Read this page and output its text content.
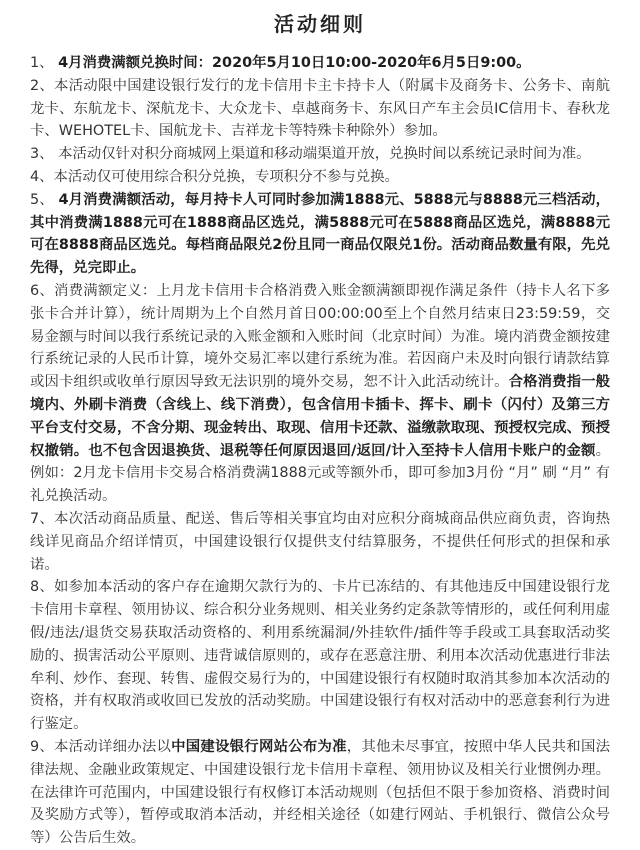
活动细则

1、 4月消费满额兑换时间：2020年5月10日10:00-2020年6月5日9:00。

2、本活动限中国建设银行发行的龙卡信用卡主卡持卡人（附属卡及商务卡、公务卡、南航龙卡、东航龙卡、深航龙卡、大众龙卡、卓越商务卡、东风日产车主会员IC信用卡、春秋龙卡、WEHOTEL卡、国航龙卡、吉祥龙卡等特殊卡种除外）参加。

3、 本活动仅针对积分商城网上渠道和移动端渠道开放，兑换时间以系统记录时间为准。

4、本活动仅可使用综合积分兑换，专项积分不参与兑换。

5、 4月消费满额活动，每月持卡人可同时参加满1888元、5888元与8888元三档活动，其中消费满1888元可在1888商品区选兑，满5888元可在5888商品区选兑，满8888元可在8888商品区选兑。每档商品限兑2份且同一商品仅限兑1份。活动商品数量有限，先兑先得，兑完即止。

6、消费满额定义：上月龙卡信用卡合格消费入账金额满额即视作满足条件（持卡人名下多张卡合并计算），统计周期为上个自然月首日00:00:00至上个自然月结束日23:59:59，交易金额与时间以我行系统记录的入账金额和入账时间（北京时间）为准。境内消费金额按建行系统记录的人民币计算，境外交易汇率以建行系统为准。若因商户未及时向银行请款结算或因卡组织或收单行原因导致无法识别的境外交易，恕不计入此活动统计。合格消费指一般境内、外刷卡消费（含线上、线下消费），包含信用卡插卡、挥卡、刷卡（闪付）及第三方平台支付交易，不含分期、现金转出、取现、信用卡还款、溢缴款取现、预授权完成、预授权撤销。也不包含因退换货、退税等任何原因退回/返回/计入至持卡人信用卡账户的金额。例如：2月龙卡信用卡交易合格消费满1888元或等额外币，即可参加3月份 “月” 刷 “月” 有礼兑换活动。

7、本次活动商品质量、配送、售后等相关事宜均由对应积分商城商品供应商负责，咨询热线详见商品介绍详情页，中国建设银行仅提供支付结算服务，不提供任何形式的担保和承诺。

8、如参加本活动的客户存在逾期欠款行为的、卡片已冻结的、有其他违反中国建设银行龙卡信用卡章程、领用协议、综合积分业务规则、相关业务约定条款等情形的，或任何利用虚假/违法/退货交易获取活动资格的、利用系统漏洞/外挂软件/插件等手段或工具套取活动奖励的、损害活动公平原则、违背诚信原则的，或存在恶意注册、利用本次活动优惠进行非法牟利、炒作、套现、转售、虚假交易行为的，中国建设银行有权随时取消其参加本次活动的资格，并有权取消或收回已发放的活动奖励。中国建设银行有权对活动中的恶意套利行为进行鉴定。

9、本活动详细办法以中国建设银行网站公布为准，其他未尽事宜，按照中华人民共和国法律法规、金融业政策规定、中国建设银行龙卡信用卡章程、领用协议及相关行业惯例办理。在法律许可范围内，中国建设银行有权修订本活动规则（包括但不限于参加资格、消费时间及奖励方式等），暂停或取消本活动，并经相关途径（如建行网站、手机银行、微信公众号等）公告后生效。
